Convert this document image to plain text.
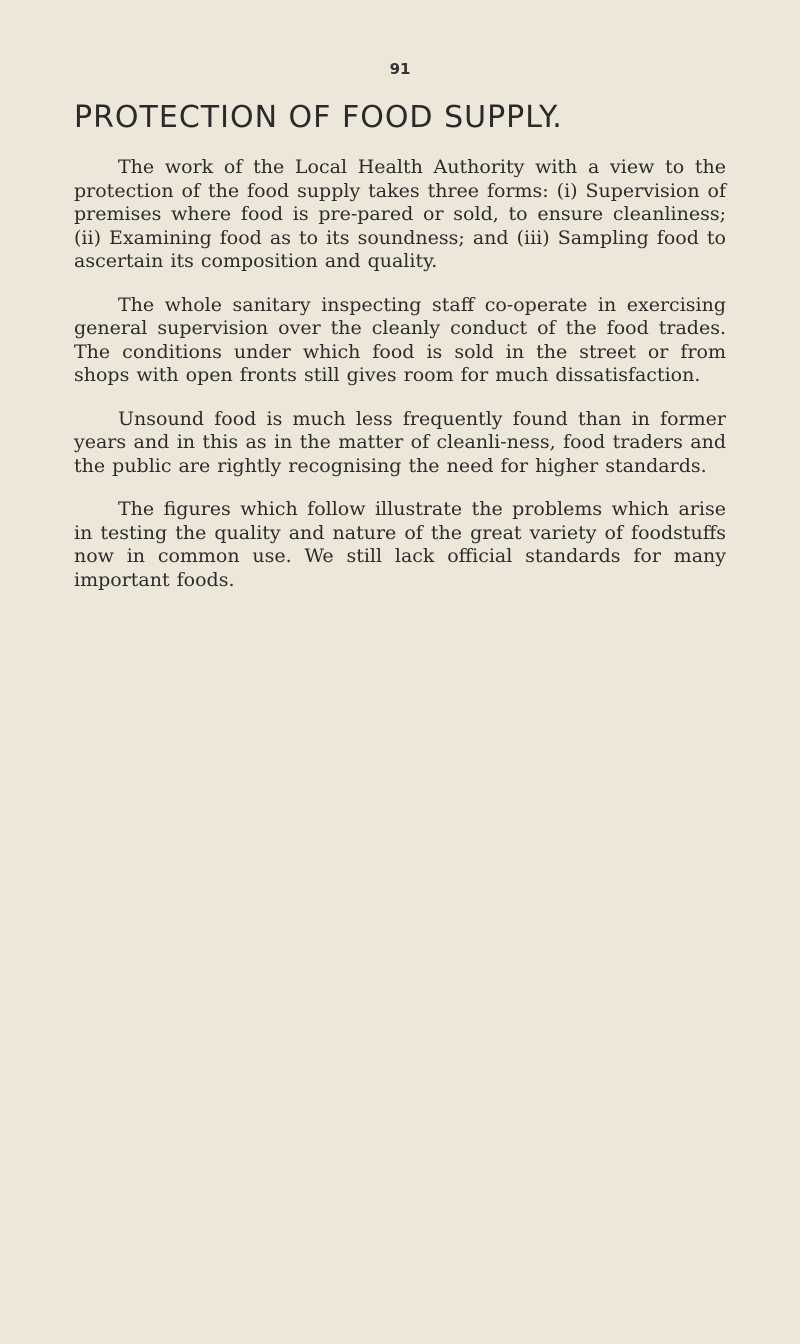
91
PROTECTION OF FOOD SUPPLY.

The work of the Local Health Authority with a view to the protection of the food supply takes three forms: (i) Supervision of premises where food is pre-pared or sold, to ensure cleanliness; (ii) Examining food as to its soundness; and (iii) Sampling food to ascertain its composition and quality.

The whole sanitary inspecting staff co-operate in exercising general supervision over the cleanly conduct of the food trades. The conditions under which food is sold in the street or from shops with open fronts still gives room for much dissatisfaction.

Unsound food is much less frequently found than in former years and in this as in the matter of cleanli-ness, food traders and the public are rightly recognising the need for higher standards.

The figures which follow illustrate the problems which arise in testing the quality and nature of the great variety of foodstuffs now in common use. We still lack official standards for many important foods.
